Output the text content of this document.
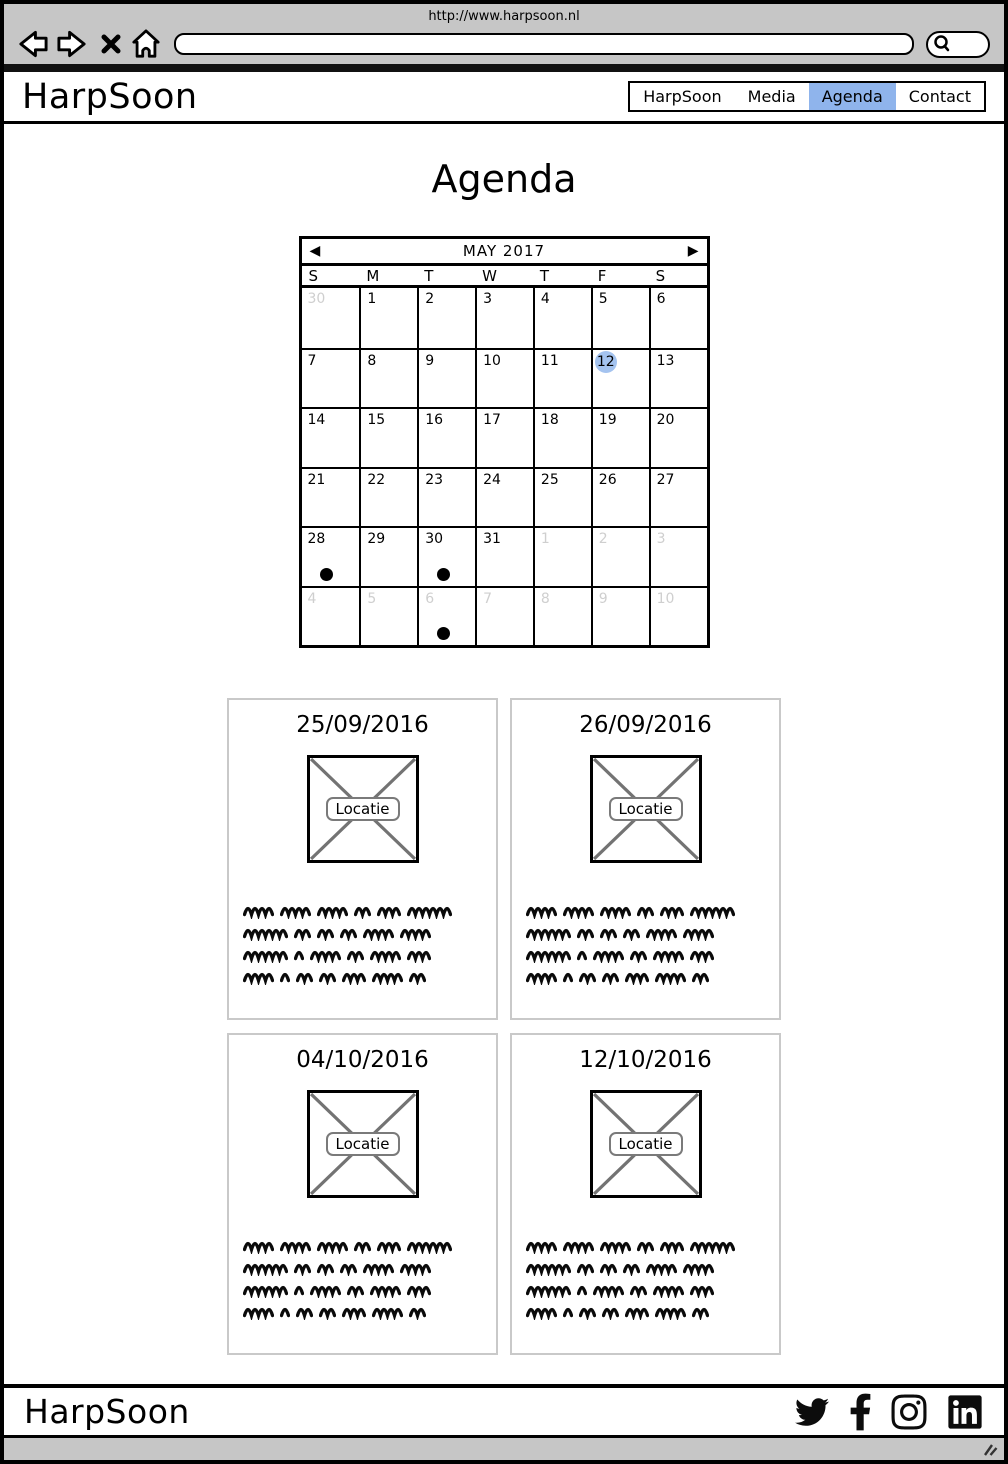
http://www.harpsoon.nl
HarpSoon	HarpSoon	Media	Agenda	Contact
Agenda
◀	MAY 2017	▶
S	M	T	W	T	F	S
30	1	2	3	4	5	6
7	8	9	10	11	12	13
14	15	16	17	18	19	20
21	22	23	24	25	26	27
28	29	30	31	1	2	3
4	5	6	7	8	9	10
25/09/2016
Locatie
26/09/2016
Locatie
04/10/2016
Locatie
12/10/2016
Locatie
HarpSoon
